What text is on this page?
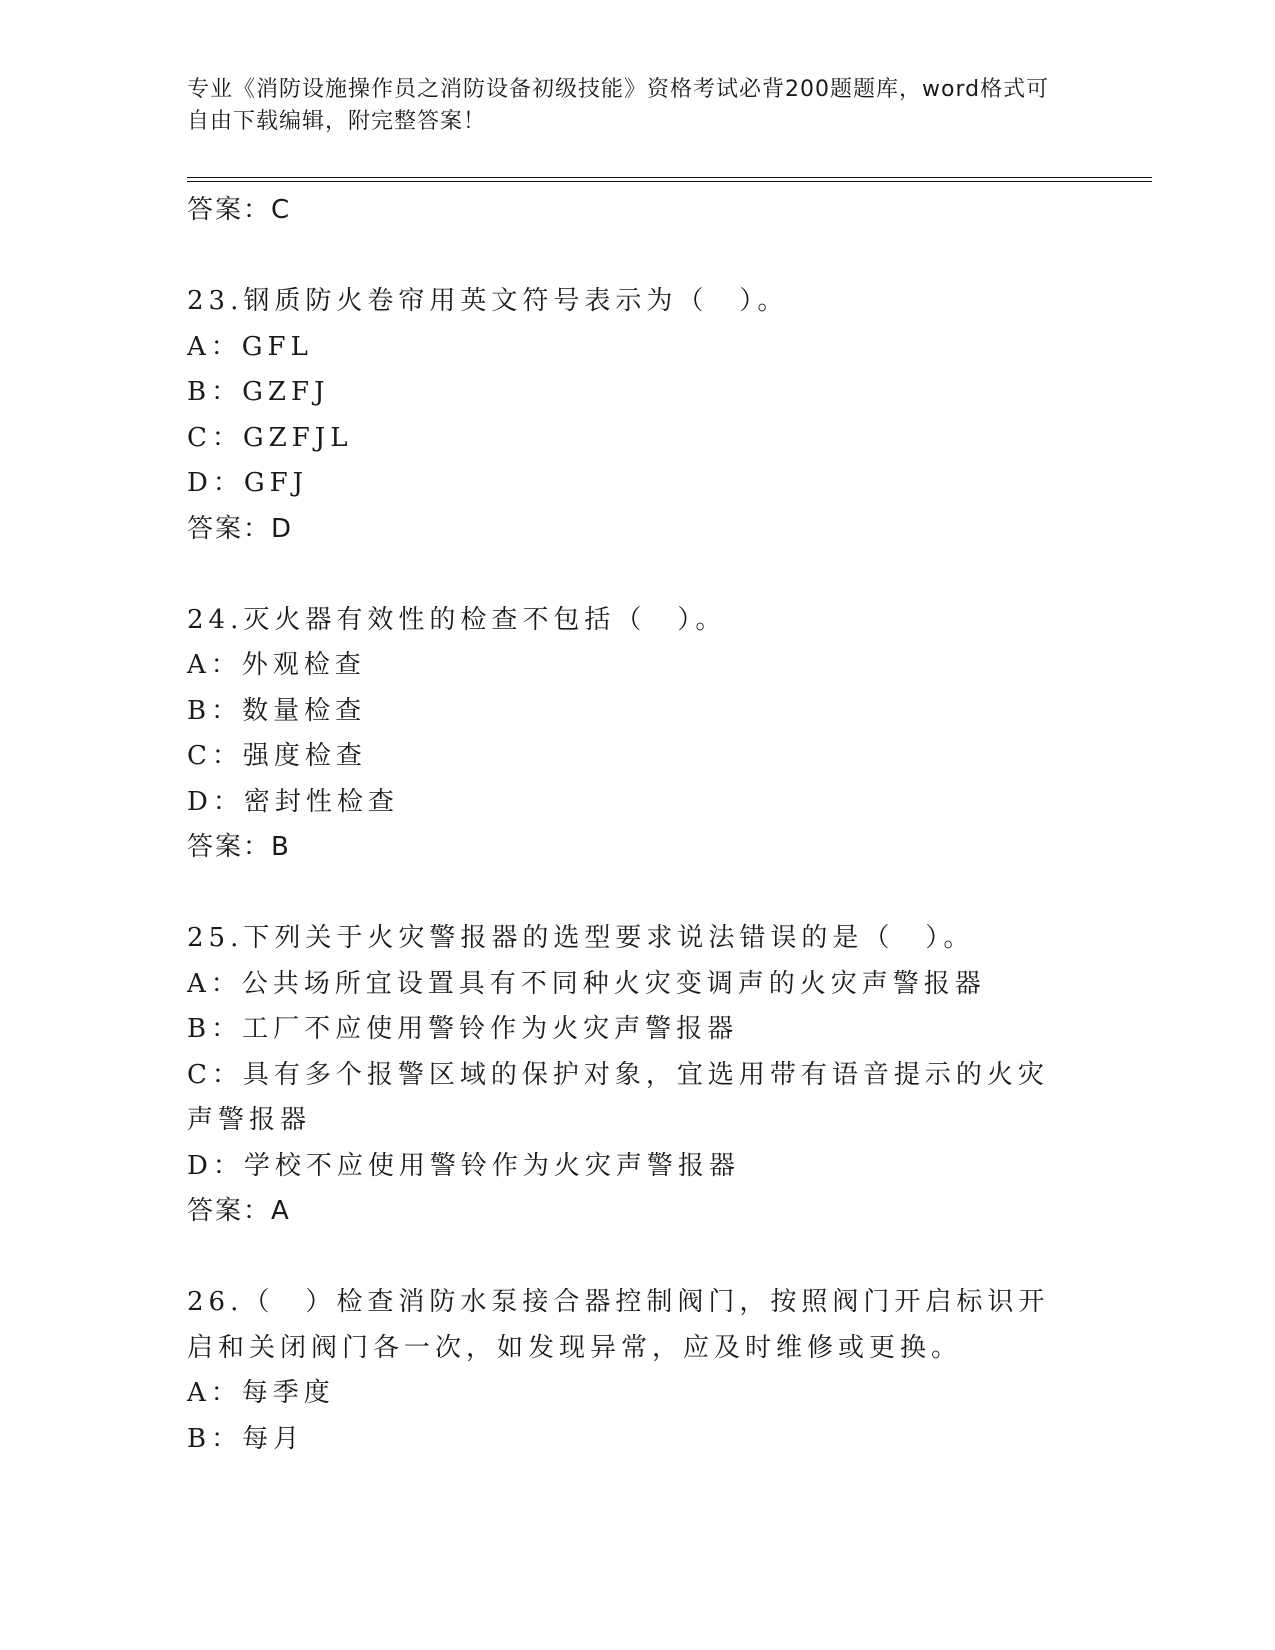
专业《消防设施操作员之消防设备初级技能》资格考试必背200题题库，word格式可自由下载编辑，附完整答案！
答案：C
23.钢质防火卷帘用英文符号表示为（　）。
A：GFL
B：GZFJ
C：GZFJL
D：GFJ
答案：D
24.灭火器有效性的检查不包括（　）。
A：外观检查
B：数量检查
C：强度检查
D：密封性检查
答案：B
25.下列关于火灾警报器的选型要求说法错误的是（　）。
A：公共场所宜设置具有不同种火灾变调声的火灾声警报器
B：工厂不应使用警铃作为火灾声警报器
C：具有多个报警区域的保护对象，宜选用带有语音提示的火灾声警报器
D：学校不应使用警铃作为火灾声警报器
答案：A
26.（　）检查消防水泵接合器控制阀门，按照阀门开启标识开启和关闭阀门各一次，如发现异常，应及时维修或更换。
A：每季度
B：每月
